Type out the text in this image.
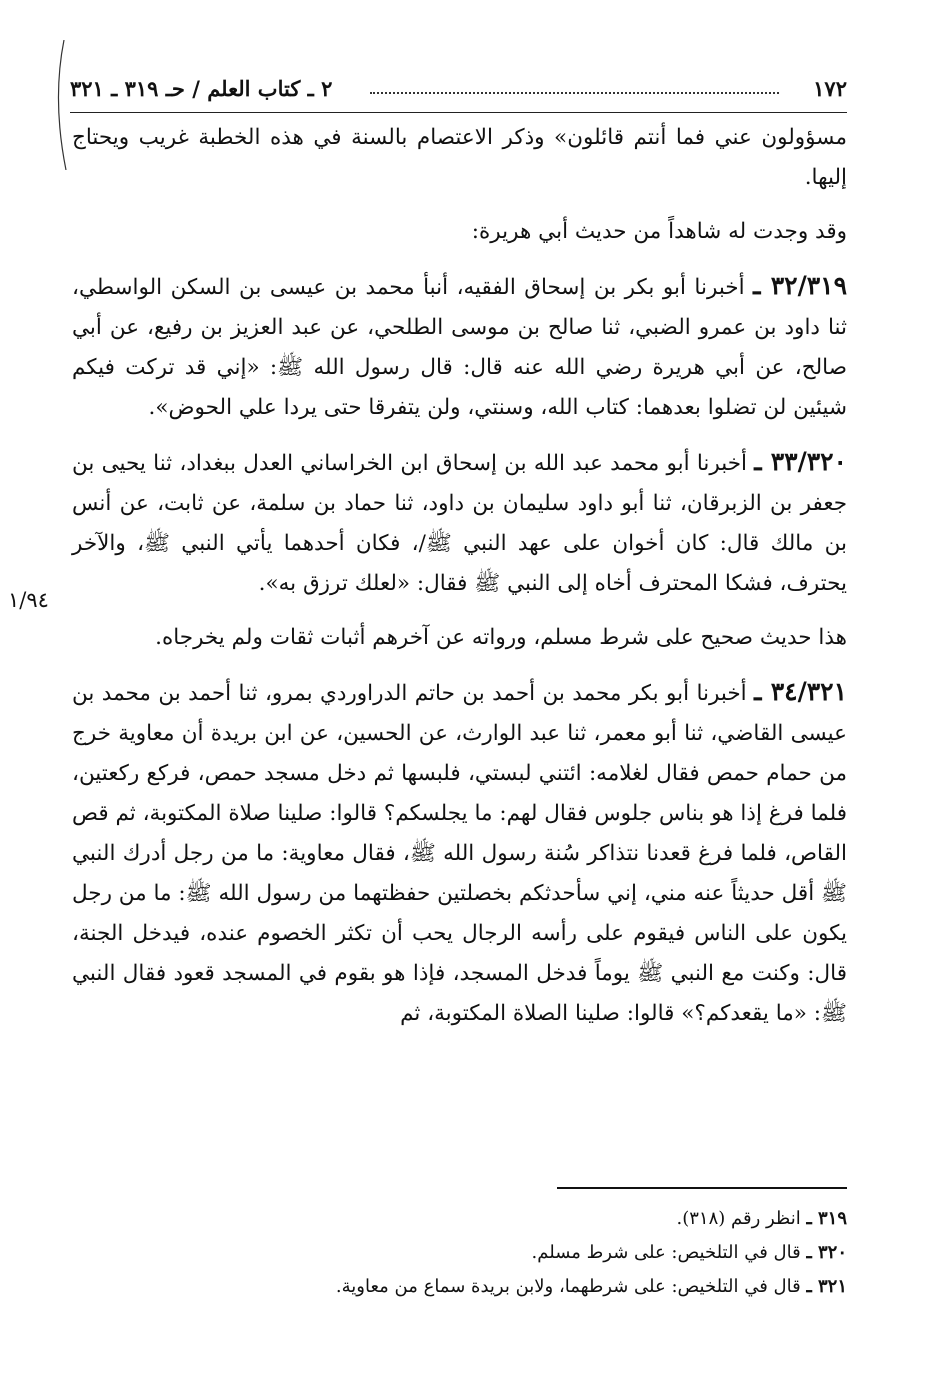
١٧٢
٢ ـ كتاب العلم / حـ ٣١٩ ـ ٣٢١
١/٩٤

مسؤولون عني فما أنتم قائلون» وذكر الاعتصام بالسنة في هذه الخطبة غريب ويحتاج إليها.

وقد وجدت له شاهداً من حديث أبي هريرة:

٣٢/٣١٩ ـ أخبرنا أبو بكر بن إسحاق الفقيه، أنبأ محمد بن عيسى بن السكن الواسطي، ثنا داود بن عمرو الضبي، ثنا صالح بن موسى الطلحي، عن عبد العزيز بن رفيع، عن أبي صالح، عن أبي هريرة رضي الله عنه قال: قال رسول الله ﷺ: «إني قد تركت فيكم شيئين لن تضلوا بعدهما: كتاب الله، وسنتي، ولن يتفرقا حتى يردا علي الحوض».

٣٣/٣٢٠ ـ أخبرنا أبو محمد عبد الله بن إسحاق ابن الخراساني العدل ببغداد، ثنا يحيى بن جعفر بن الزبرقان، ثنا أبو داود سليمان بن داود، ثنا حماد بن سلمة، عن ثابت، عن أنس بن مالك قال: كان أخوان على عهد النبي ﷺ/، فكان أحدهما يأتي النبي ﷺ، والآخر يحترف، فشكا المحترف أخاه إلى النبي ﷺ فقال: «لعلك ترزق به».

هذا حديث صحيح على شرط مسلم، ورواته عن آخرهم أثبات ثقات ولم يخرجاه.

٣٤/٣٢١ ـ أخبرنا أبو بكر محمد بن أحمد بن حاتم الدراوردي بمرو، ثنا أحمد بن محمد بن عيسى القاضي، ثنا أبو معمر، ثنا عبد الوارث، عن الحسين، عن ابن بريدة أن معاوية خرج من حمام حمص فقال لغلامه: ائتني لبستي، فلبسها ثم دخل مسجد حمص، فركع ركعتين، فلما فرغ إذا هو بناس جلوس فقال لهم: ما يجلسكم؟ قالوا: صلينا صلاة المكتوبة، ثم قص القاص، فلما فرغ قعدنا نتذاكر سُنة رسول الله ﷺ، فقال معاوية: ما من رجل أدرك النبي ﷺ أقل حديثاً عنه مني، إني سأحدثكم بخصلتين حفظتهما من رسول الله ﷺ: ما من رجل يكون على الناس فيقوم على رأسه الرجال يحب أن تكثر الخصوم عنده، فيدخل الجنة، قال: وكنت مع النبي ﷺ يوماً فدخل المسجد، فإذا هو بقوم في المسجد قعود فقال النبي ﷺ: «ما يقعدكم؟» قالوا: صلينا الصلاة المكتوبة، ثم

٣١٩ ـ انظر رقم (٣١٨).
٣٢٠ ـ قال في التلخيص: على شرط مسلم.
٣٢١ ـ قال في التلخيص: على شرطهما، ولابن بريدة سماع من معاوية.
